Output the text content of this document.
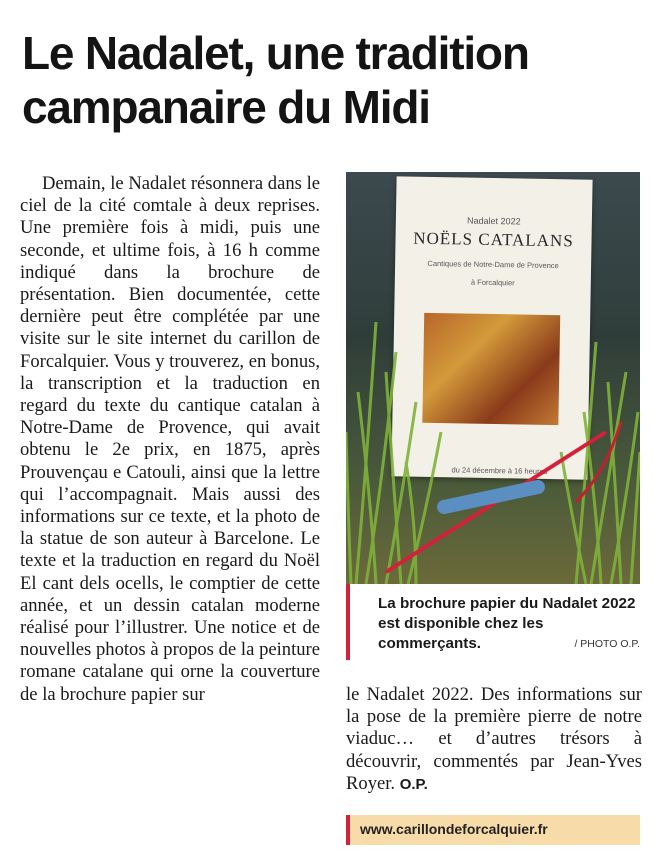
Le Nadalet, une tradition campanaire du Midi

Demain, le Nadalet résonnera dans le ciel de la cité comtale à deux reprises. Une première fois à midi, puis une seconde, et ultime fois, à 16 h comme indiqué dans la brochure de présentation. Bien documentée, cette dernière peut être complétée par une visite sur le site internet du carillon de Forcalquier. Vous y trouverez, en bonus, la transcription et la traduction en regard du texte du cantique catalan à Notre-Dame de Provence, qui avait obtenu le 2e prix, en 1875, après Prouvençau e Catouli, ainsi que la lettre qui l’accompagnait. Mais aussi des informations sur ce texte, et la photo de la statue de son auteur à Barcelone. Le texte et la traduction en regard du Noël El cant dels ocells, le comptier de cette année, et un dessin catalan moderne réalisé pour l’illustrer. Une notice et de nouvelles photos à propos de la peinture romane catalane qui orne la couverture de la brochure papier sur

Nadalet 2022
NOËLS CATALANS
Cantiques de Notre-Dame de Provence
à Forcalquier
du 24 décembre à 16 heures
La brochure papier du Nadalet 2022 est disponible chez les commerçants.	/ PHOTO O.P.

le Nadalet 2022. Des informations sur la pose de la première pierre de notre viaduc… et d’autres trésors à découvrir, commentés par Jean-Yves Royer. O.P.

www.carillondeforcalquier.fr
